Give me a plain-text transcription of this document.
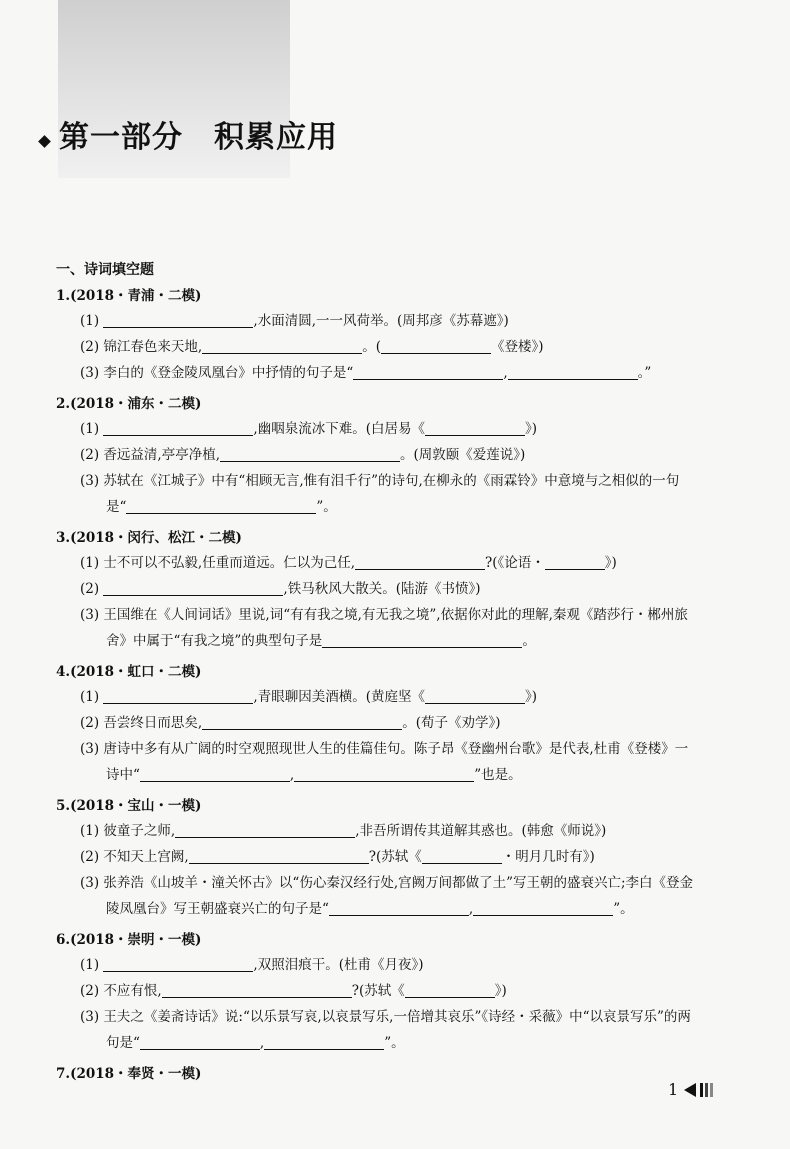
第一部分　积累应用
一、诗词填空题
1.(2018・青浦・二模)
(1)	,水面清圆,一一风荷举。(周邦彦《苏幕遮》)
(2) 锦江春色来天地,	。(	《登楼》)
(3) 李白的《登金陵凤凰台》中抒情的句子是“	,	。”
2.(2018・浦东・二模)
(1)	,幽咽泉流冰下难。(白居易《	》)
(2) 香远益清,亭亭净植,	。(周敦颐《爱莲说》)
(3) 苏轼在《江城子》中有“相顾无言,惟有泪千行”的诗句,在柳永的《雨霖铃》中意境与之相似的一句是“	”。
3.(2018・闵行、松江・二模)
(1) 士不可以不弘毅,任重而道远。仁以为己任,	?(《论语・	》)
(2)	,铁马秋风大散关。(陆游《书愤》)
(3) 王国维在《人间词话》里说,词“有有我之境,有无我之境”,依据你对此的理解,秦观《踏莎行・郴州旅舍》中属于“有我之境”的典型句子是	。
4.(2018・虹口・二模)
(1)	,青眼聊因美酒横。(黄庭坚《	》)
(2) 吾尝终日而思矣,	。(荀子《劝学》)
(3) 唐诗中多有从广阔的时空观照现世人生的佳篇佳句。陈子昂《登幽州台歌》是代表,杜甫《登楼》一诗中“	,	”也是。
5.(2018・宝山・一模)
(1) 彼童子之师,	,非吾所谓传其道解其惑也。(韩愈《师说》)
(2) 不知天上宫阙,	?(苏轼《	・明月几时有》)
(3) 张养浩《山坡羊・潼关怀古》以“伤心秦汉经行处,宫阙万间都做了土”写王朝的盛衰兴亡;李白《登金陵凤凰台》写王朝盛衰兴亡的句子是“	,	”。
6.(2018・崇明・一模)
(1)	,双照泪痕干。(杜甫《月夜》)
(2) 不应有恨,	?(苏轼《	》)
(3) 王夫之《姜斋诗话》说:“以乐景写哀,以哀景写乐,一倍增其哀乐”《诗经・采薇》中“以哀景写乐”的两句是“	,	”。
7.(2018・奉贤・一模)
1
